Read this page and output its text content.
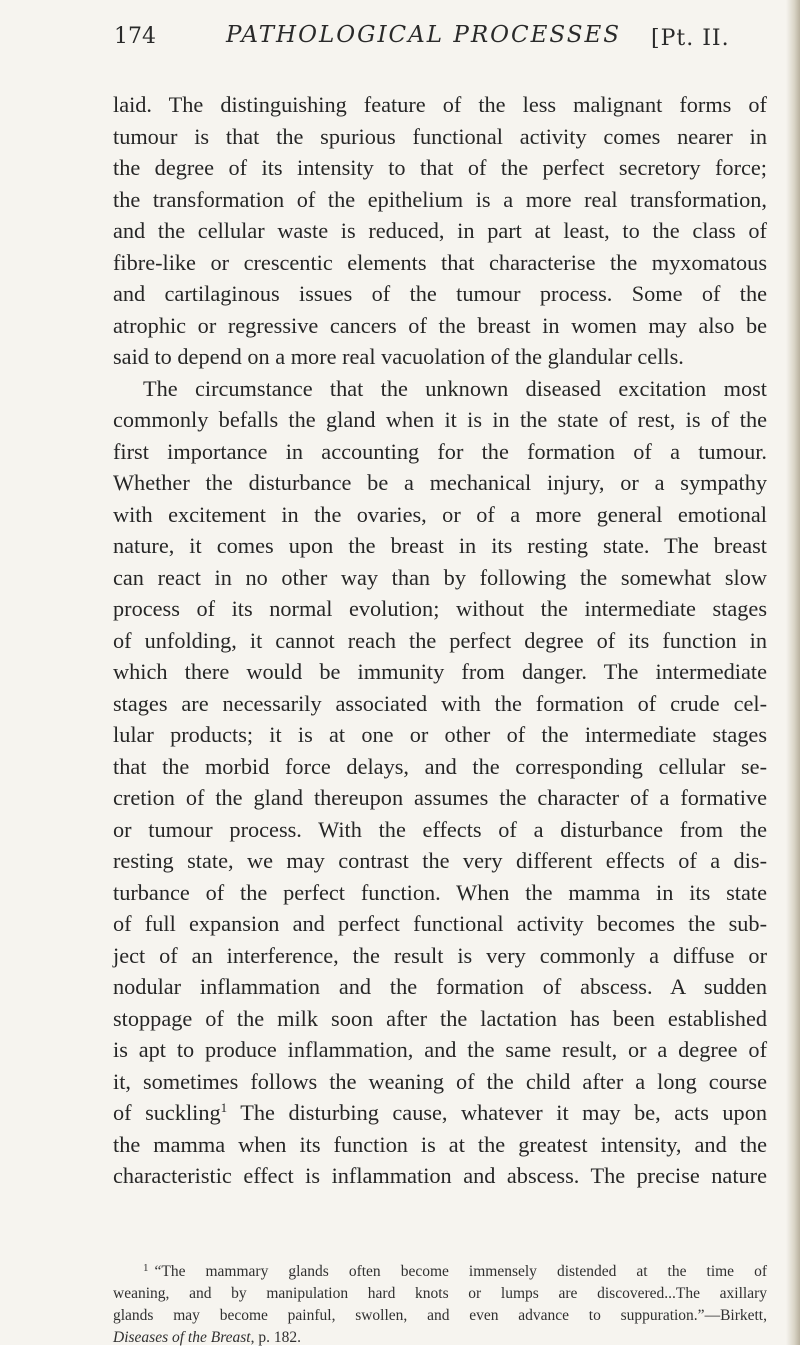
174	PATHOLOGICAL PROCESSES [Pt. II.
laid. The distinguishing feature of the less malignant forms of
tumour is that the spurious functional activity comes nearer in
the degree of its intensity to that of the perfect secretory force;
the transformation of the epithelium is a more real transformation,
and the cellular waste is reduced, in part at least, to the class of
fibre-like or crescentic elements that characterise the myxomatous
and cartilaginous issues of the tumour process. Some of the
atrophic or regressive cancers of the breast in women may also be
said to depend on a more real vacuolation of the glandular cells.
The circumstance that the unknown diseased excitation most
commonly befalls the gland when it is in the state of rest, is of the
first importance in accounting for the formation of a tumour.
Whether the disturbance be a mechanical injury, or a sympathy
with excitement in the ovaries, or of a more general emotional
nature, it comes upon the breast in its resting state. The breast
can react in no other way than by following the somewhat slow
process of its normal evolution; without the intermediate stages
of unfolding, it cannot reach the perfect degree of its function in
which there would be immunity from danger. The intermediate
stages are necessarily associated with the formation of crude cel-
lular products; it is at one or other of the intermediate stages
that the morbid force delays, and the corresponding cellular se-
cretion of the gland thereupon assumes the character of a formative
or tumour process. With the effects of a disturbance from the
resting state, we may contrast the very different effects of a dis-
turbance of the perfect function. When the mamma in its state
of full expansion and perfect functional activity becomes the sub-
ject of an interference, the result is very commonly a diffuse or
nodular inflammation and the formation of abscess. A sudden
stoppage of the milk soon after the lactation has been established
is apt to produce inflammation, and the same result, or a degree of
it, sometimes follows the weaning of the child after a long course
of suckling$^1$ The disturbing cause, whatever it may be, acts upon
the mamma when its function is at the greatest intensity, and the
characteristic effect is inflammation and abscess. The precise nature
$^1$ “The mammary glands often become immensely distended at the time of
weaning, and by manipulation hard knots or lumps are discovered...The axillary
glands may become painful, swollen, and even advance to suppuration.”—Birkett,
Diseases of the Breast, p. 182.
